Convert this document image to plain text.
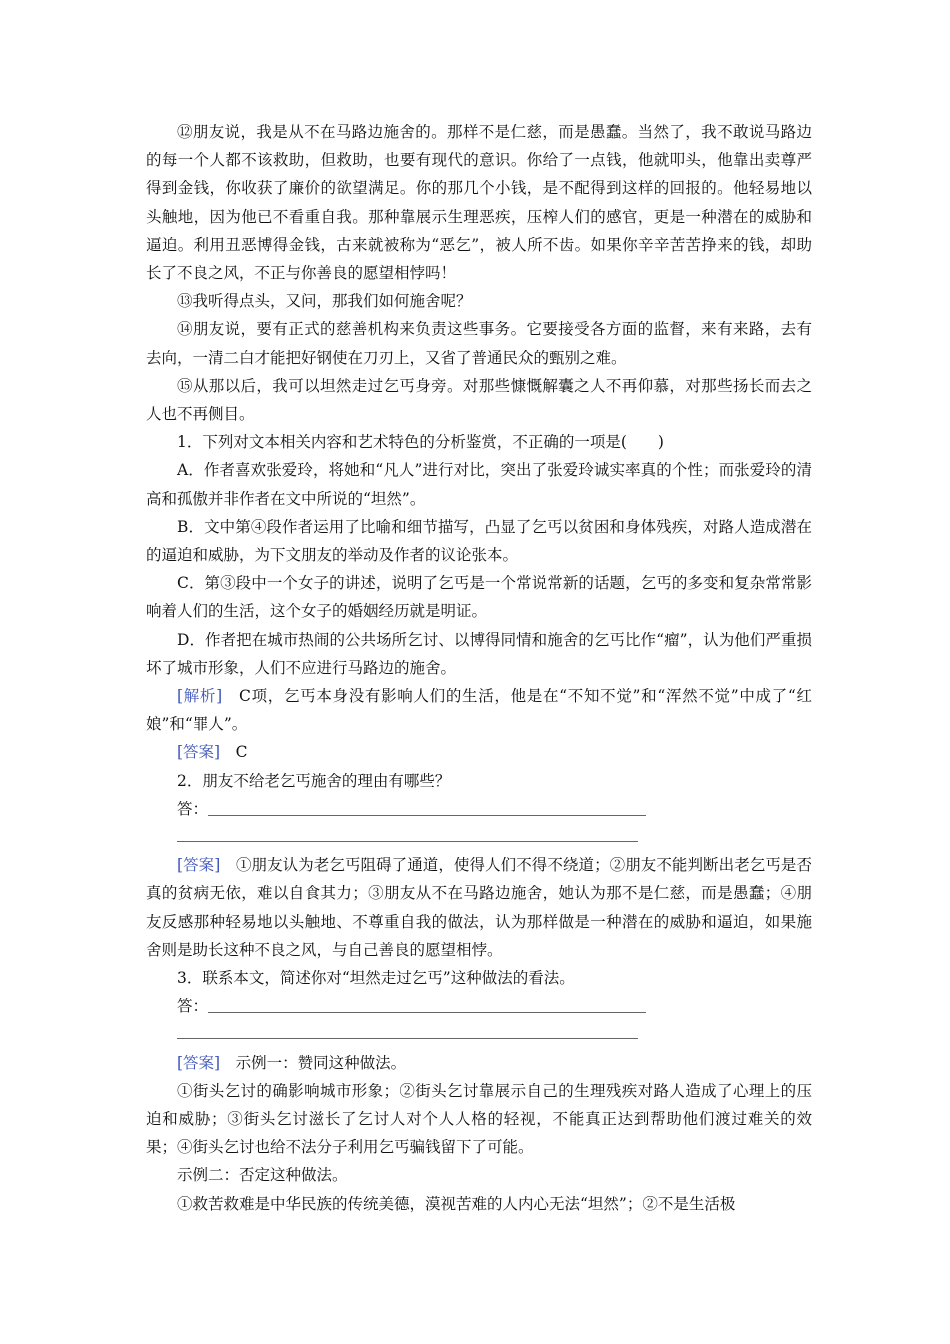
⑫朋友说，我是从不在马路边施舍的。那样不是仁慈，而是愚蠢。当然了，我不敢说马路边的每一个人都不该救助，但救助，也要有现代的意识。你给了一点钱，他就叩头，他靠出卖尊严得到金钱，你收获了廉价的欲望满足。你的那几个小钱，是不配得到这样的回报的。他轻易地以头触地，因为他已不看重自我。那种靠展示生理恶疾，压榨人们的感官，更是一种潜在的威胁和逼迫。利用丑恶博得金钱，古来就被称为“恶乞”，被人所不齿。如果你辛辛苦苦挣来的钱，却助长了不良之风，不正与你善良的愿望相悖吗！

⑬我听得点头，又问，那我们如何施舍呢？

⑭朋友说，要有正式的慈善机构来负责这些事务。它要接受各方面的监督，来有来路，去有去向，一清二白才能把好钢使在刀刃上，又省了普通民众的甄别之难。

⑮从那以后，我可以坦然走过乞丐身旁。对那些慷慨解囊之人不再仰慕，对那些扬长而去之人也不再侧目。

1．下列对文本相关内容和艺术特色的分析鉴赏，不正确的一项是(　　)

A．作者喜欢张爱玲，将她和“凡人”进行对比，突出了张爱玲诚实率真的个性；而张爱玲的清高和孤傲并非作者在文中所说的“坦然”。

B．文中第④段作者运用了比喻和细节描写，凸显了乞丐以贫困和身体残疾，对路人造成潜在的逼迫和威胁，为下文朋友的举动及作者的议论张本。

C．第③段中一个女子的讲述，说明了乞丐是一个常说常新的话题，乞丐的多变和复杂常常影响着人们的生活，这个女子的婚姻经历就是明证。

D．作者把在城市热闹的公共场所乞讨、以博得同情和施舍的乞丐比作“瘤”，认为他们严重损坏了城市形象，人们不应进行马路边的施舍。

[解析]　C项，乞丐本身没有影响人们的生活，他是在“不知不觉”和“浑然不觉”中成了“红娘”和“罪人”。

[答案]　C

2．朋友不给老乞丐施舍的理由有哪些？

答：

[答案]　①朋友认为老乞丐阻碍了通道，使得人们不得不绕道；②朋友不能判断出老乞丐是否真的贫病无依，难以自食其力；③朋友从不在马路边施舍，她认为那不是仁慈，而是愚蠢；④朋友反感那种轻易地以头触地、不尊重自我的做法，认为那样做是一种潜在的威胁和逼迫，如果施舍则是助长这种不良之风，与自己善良的愿望相悖。

3．联系本文，简述你对“坦然走过乞丐”这种做法的看法。

答：

[答案]　示例一：赞同这种做法。

①街头乞讨的确影响城市形象；②街头乞讨靠展示自己的生理残疾对路人造成了心理上的压迫和威胁；③街头乞讨滋长了乞讨人对个人人格的轻视，不能真正达到帮助他们渡过难关的效果；④街头乞讨也给不法分子利用乞丐骗钱留下了可能。

示例二：否定这种做法。

①救苦救难是中华民族的传统美德，漠视苦难的人内心无法“坦然”；②不是生活极
